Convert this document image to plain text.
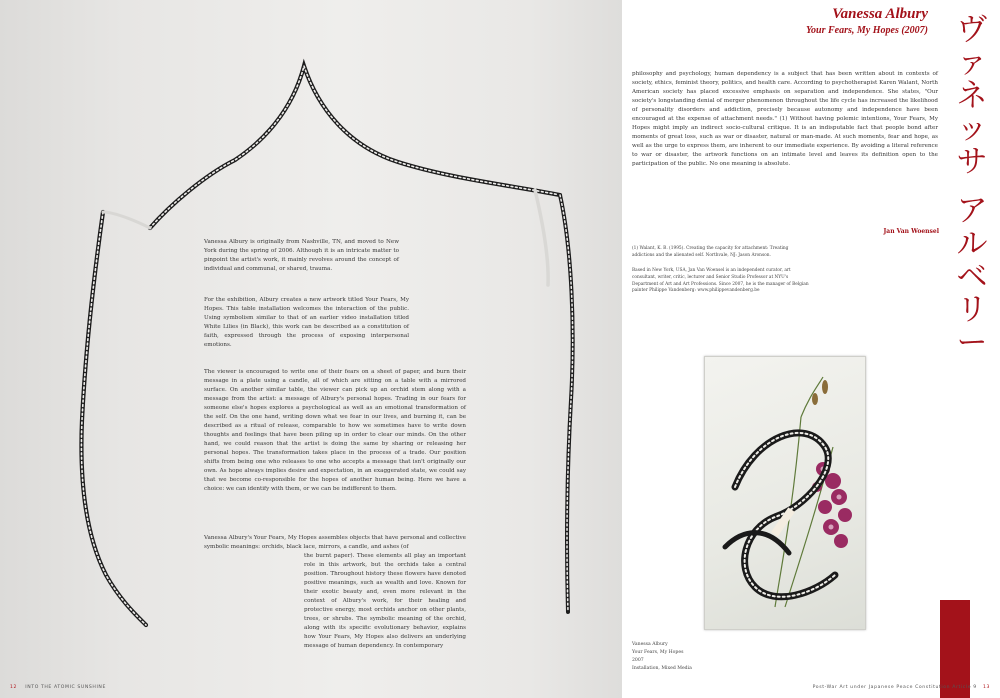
Vanessa Albury is originally from Nashville, TN, and moved to New York during the spring of 2006. Although it is an intricate matter to pinpoint the artist's work, it mainly revolves around the concept of individual and communal, or shared, trauma.

For the exhibition, Albury creates a new artwork titled Your Fears, My Hopes. This table installation welcomes the interaction of the public. Using symbolism similar to that of an earlier video installation titled White Lilies (in Black), this work can be described as a constitution of faith, expressed through the process of exposing interpersonal emotions.

The viewer is encouraged to write one of their fears on a sheet of paper, and burn their message in a plate using a candle, all of which are sitting on a table with a mirrored surface. On another similar table, the viewer can pick up an orchid stem along with a message from the artist: a message of Albury's personal hopes. Trading in our fears for someone else's hopes explores a psychological as well as an emotional transformation of the self. On the one hand, writing down what we fear in our lives, and burning it, can be described as a ritual of release, comparable to how we sometimes have to write down thoughts and feelings that have been piling up in order to clear our minds. On the other hand, we could reason that the artist is doing the same by sharing or releasing her personal hopes. The transformation takes place in the process of a trade. Our position shifts from being one who releases to one who accepts a message that isn't originally our own. As hope always implies desire and expectation, in an exaggerated state, we could say that we become co-responsible for the hopes of another human being. Here we have a choice: we can identify with them, or we can be indifferent to them.

Vanessa Albury's Your Fears, My Hopes assembles objects that have personal and collective symbolic meanings: orchids, black lace, mirrors, a candle, and ashes (of

the burnt paper). These elements all play an important role in this artwork, but the orchids take a central position. Throughout history these flowers have denoted positive meanings, such as wealth and love. Known for their exotic beauty and, even more relevant in the context of Albury's work, for their healing and protective energy, most orchids anchor on other plants, trees, or shrubs. The symbolic meaning of the orchid, along with its specific evolutionary behavior, explains how Your Fears, My Hopes also delivers an underlying message of human dependency. In contemporary

12 INTO THE ATOMIC SUNSHINE
Vanessa Albury
Your Fears, My Hopes (2007) ヴ
ァ
ネ
ッ
サ
ア
ル
ベ
リ
ー

philosophy and psychology, human dependency is a subject that has been written about in contexts of society, ethics, feminist theory, politics, and health care. According to psychotherapist Karen Walant, North American society has placed excessive emphasis on separation and independence. She states, "Our society's longstanding denial of merger phenomenon throughout the life cycle has increased the likelihood of personality disorders and addiction, precisely because autonomy and independence have been encouraged at the expense of attachment needs." (1) Without having polemic intentions, Your Fears, My Hopes might imply an indirect socio-cultural critique. It is an indisputable fact that people bond after moments of great loss, such as war or disaster, natural or man-made. At such moments, fear and hope, as well as the urge to express them, are inherent to our immediate experience. By avoiding a literal reference to war or disaster, the artwork functions on an intimate level and leaves its definition open to the participation of the public. No one meaning is absolute.

Jan Van Woensel

(1) Walant, K. B. (1995). Creating the capacity for attachment: Treating addictions and the alienated self. Northvale, NJ: Jason Aronson.

Based in New York, USA, Jan Van Woensel is an independent curator, art consultant, writer, critic, lecturer and Senior Studio Professor at NYU's Department of Art and Art Professions. Since 2007, he is the manager of Belgian painter Philippe Vandenberg: www.philippevandenberg.be

Vanessa Albury

Your Fears, My Hopes

2007

Installation, Mixed Media

Post-War Art under Japanese Peace Constitution Article 9 13
